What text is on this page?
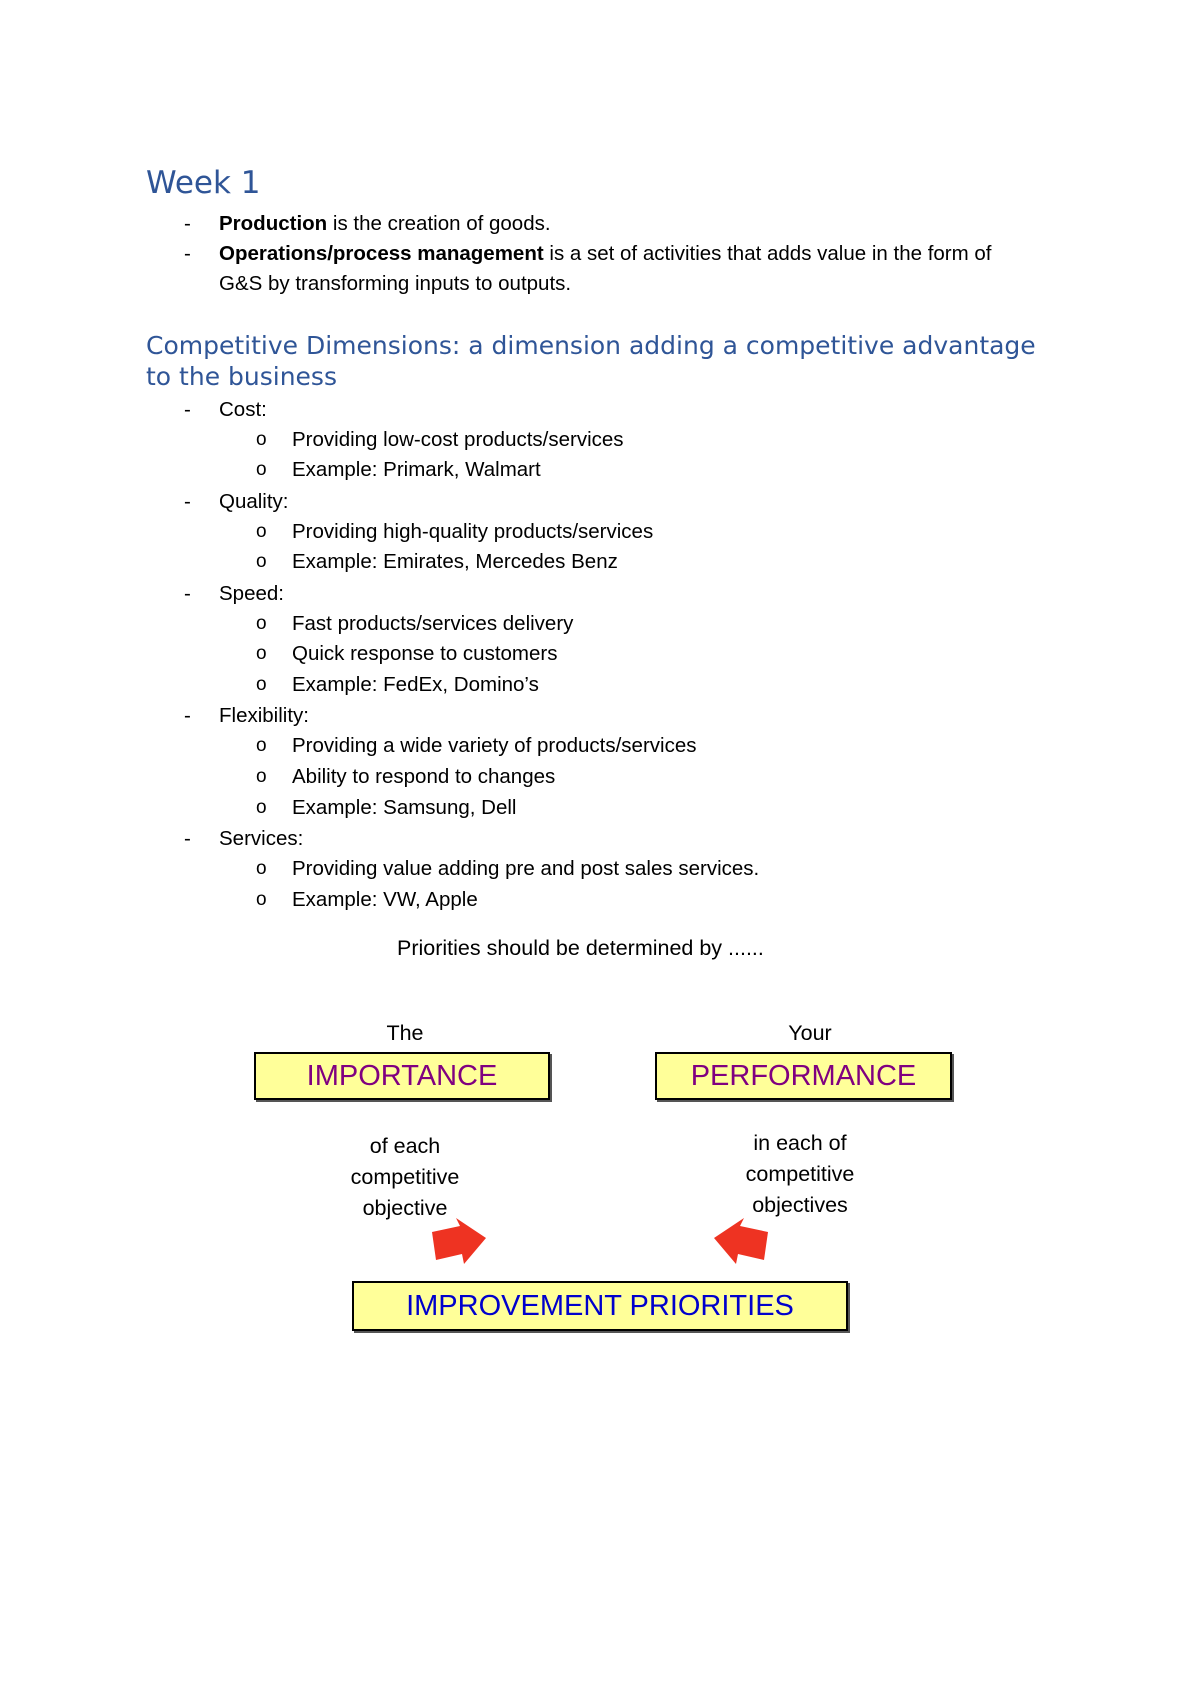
Week 1
- Production is the creation of goods.
- Operations/process management is a set of activities that adds value in the form of
G&S by transforming inputs to outputs.
Competitive Dimensions: a dimension adding a competitive advantage to the business
- Cost:
o Providing low-cost products/services
o Example: Primark, Walmart
- Quality:
o Providing high-quality products/services
o Example: Emirates, Mercedes Benz
- Speed:
o Fast products/services delivery
o Quick response to customers
o Example: FedEx, Domino’s
- Flexibility:
o Providing a wide variety of products/services
o Ability to respond to changes
o Example: Samsung, Dell
- Services:
o Providing value adding pre and post sales services.
o Example: VW, Apple
Priorities should be determined by ......
The	Your
IMPORTANCE	PERFORMANCE
of each
competitive
objective
in each of
competitive
objectives
IMPROVEMENT PRIORITIES
